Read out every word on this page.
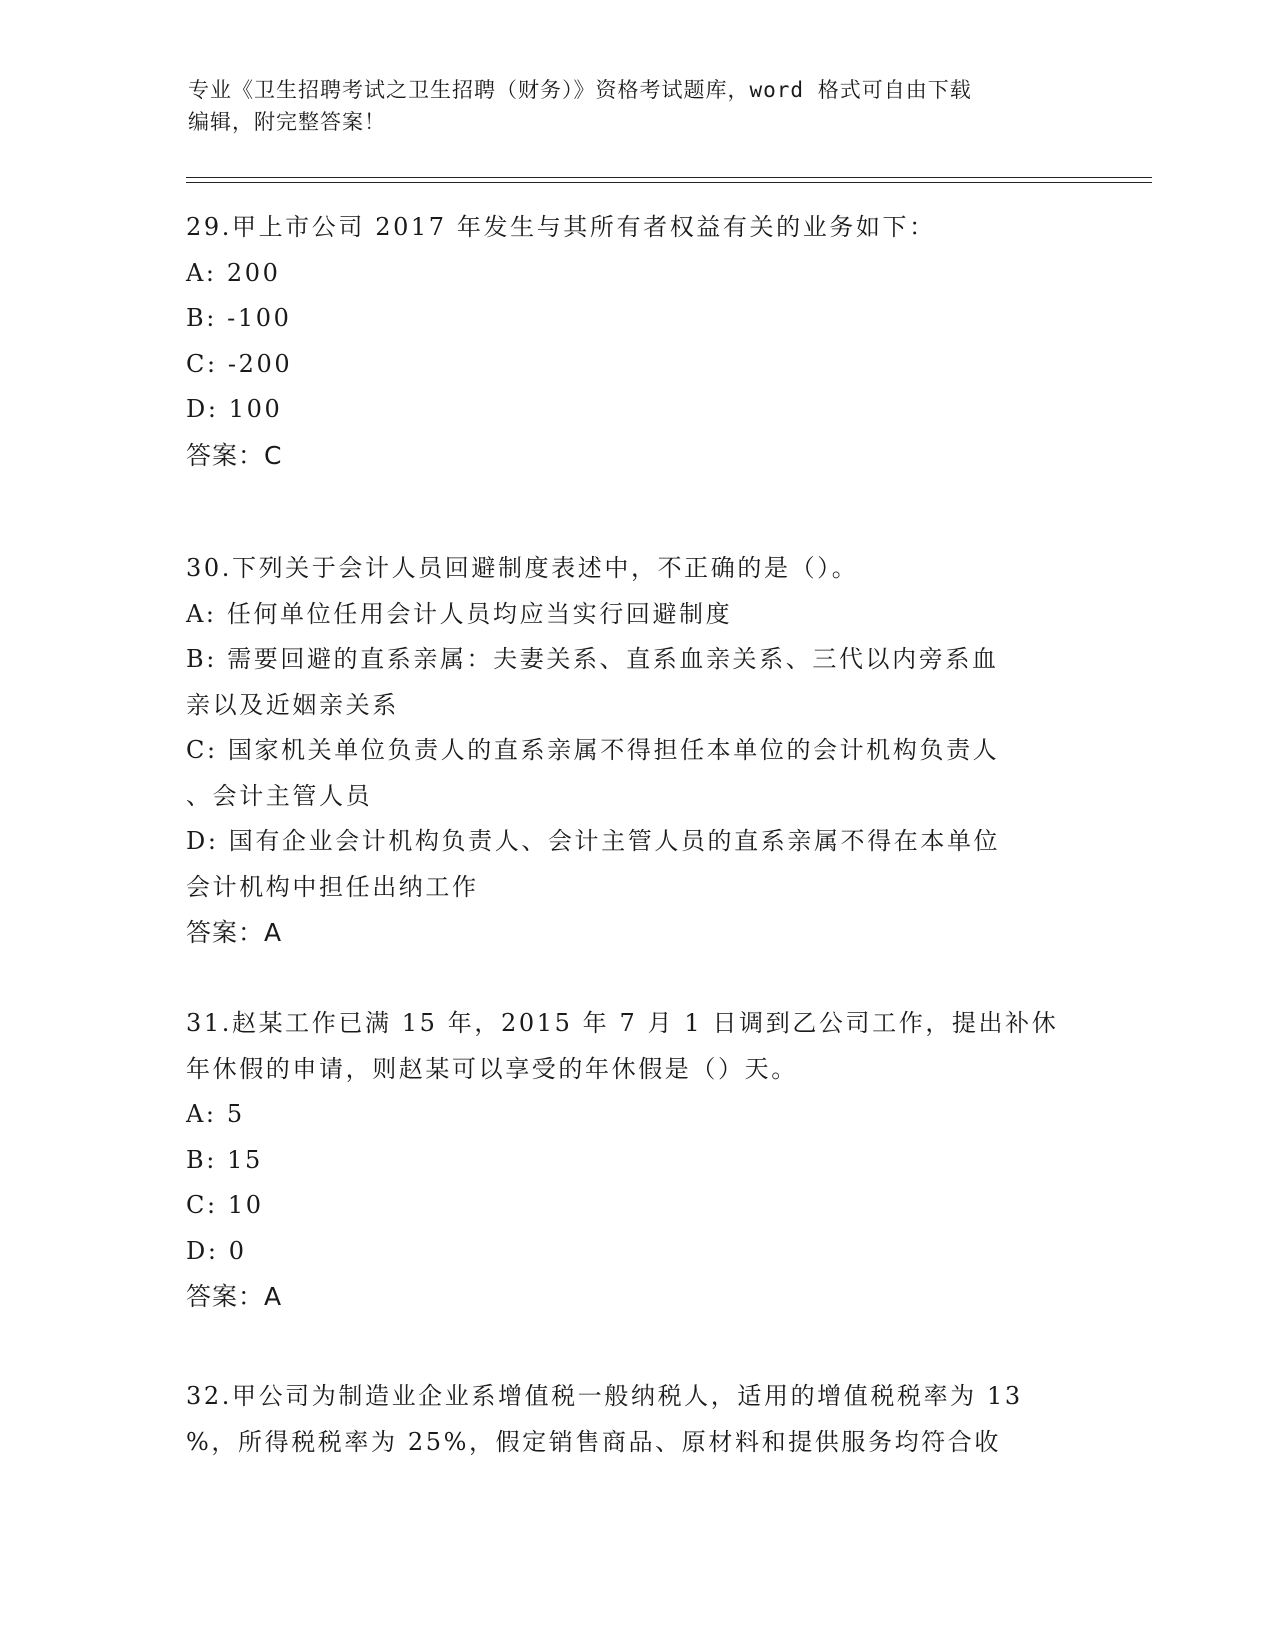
专业《卫生招聘考试之卫生招聘（财务）》资格考试题库，word 格式可自由下载
编辑，附完整答案！

29.甲上市公司 2017 年发生与其所有者权益有关的业务如下：

A: 200

B: -100

C: -200

D: 100

答案：C

30.下列关于会计人员回避制度表述中，不正确的是（）。

A: 任何单位任用会计人员均应当实行回避制度

B: 需要回避的直系亲属：夫妻关系、直系血亲关系、三代以内旁系血

亲以及近姻亲关系

C: 国家机关单位负责人的直系亲属不得担任本单位的会计机构负责人

、会计主管人员

D: 国有企业会计机构负责人、会计主管人员的直系亲属不得在本单位

会计机构中担任出纳工作

答案：A

31.赵某工作已满 15 年，2015 年 7 月 1 日调到乙公司工作，提出补休

年休假的申请，则赵某可以享受的年休假是（）天。

A: 5

B: 15

C: 10

D: 0

答案：A

32.甲公司为制造业企业系增值税一般纳税人，适用的增值税税率为 13

%，所得税税率为 25%，假定销售商品、原材料和提供服务均符合收
